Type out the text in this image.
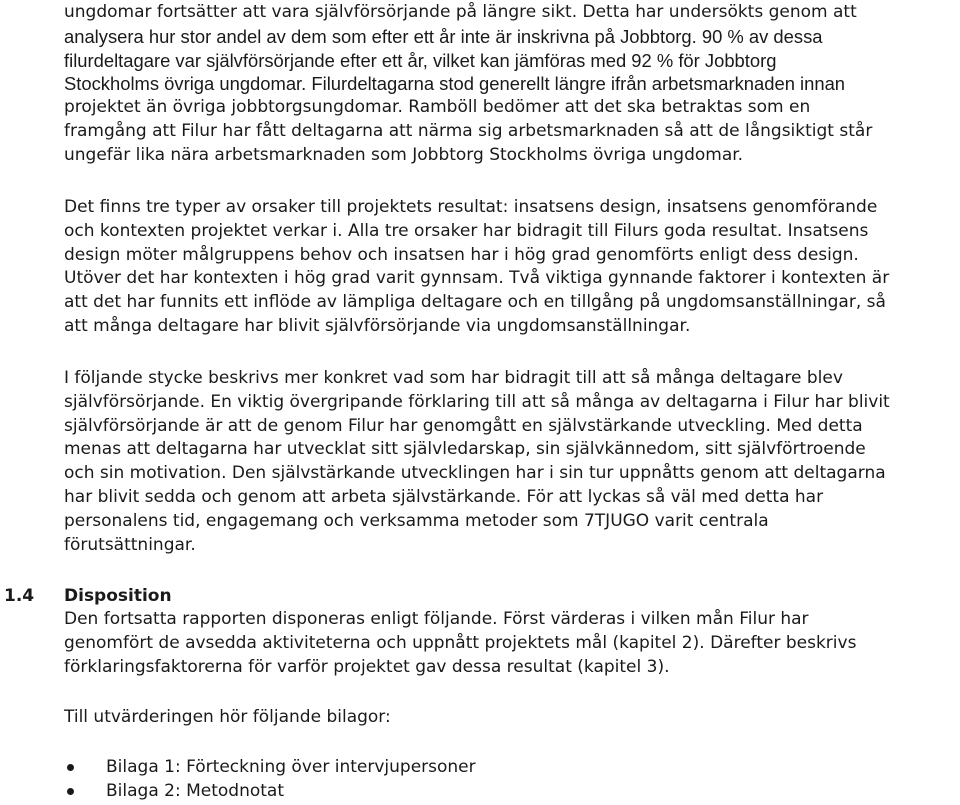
ungdomar fortsätter att vara självförsörjande på längre sikt. Detta har undersökts genom att
analysera hur stor andel av dem som efter ett år inte är inskrivna på Jobbtorg. 90 % av dessa
filurdeltagare var självförsörjande efter ett år, vilket kan jämföras med 92 % för Jobbtorg
Stockholms övriga ungdomar. Filurdeltagarna stod generellt längre ifrån arbetsmarknaden innan
projektet än övriga jobbtorgsungdomar. Ramböll bedömer att det ska betraktas som en
framgång att Filur har fått deltagarna att närma sig arbetsmarknaden så att de långsiktigt står
ungefär lika nära arbetsmarknaden som Jobbtorg Stockholms övriga ungdomar.
Det finns tre typer av orsaker till projektets resultat: insatsens design, insatsens genomförande
och kontexten projektet verkar i. Alla tre orsaker har bidragit till Filurs goda resultat. Insatsens
design möter målgruppens behov och insatsen har i hög grad genomförts enligt dess design.
Utöver det har kontexten i hög grad varit gynnsam. Två viktiga gynnande faktorer i kontexten är
att det har funnits ett inflöde av lämpliga deltagare och en tillgång på ungdomsanställningar, så
att många deltagare har blivit självförsörjande via ungdomsanställningar.
I följande stycke beskrivs mer konkret vad som har bidragit till att så många deltagare blev
självförsörjande. En viktig övergripande förklaring till att så många av deltagarna i Filur har blivit
självförsörjande är att de genom Filur har genomgått en självstärkande utveckling. Med detta
menas att deltagarna har utvecklat sitt självledarskap, sin självkännedom, sitt självförtroende
och sin motivation. Den självstärkande utvecklingen har i sin tur uppnåtts genom att deltagarna
har blivit sedda och genom att arbeta självstärkande. För att lyckas så väl med detta har
personalens tid, engagemang och verksamma metoder som 7TJUGO varit centrala
förutsättningar.
1.4 Disposition
Den fortsatta rapporten disponeras enligt följande. Först värderas i vilken mån Filur har
genomfört de avsedda aktiviteterna och uppnått projektets mål (kapitel 2). Därefter beskrivs
förklaringsfaktorerna för varför projektet gav dessa resultat (kapitel 3).
Till utvärderingen hör följande bilagor:
Bilaga 1: Förteckning över intervjupersoner
Bilaga 2: Metodnotat
